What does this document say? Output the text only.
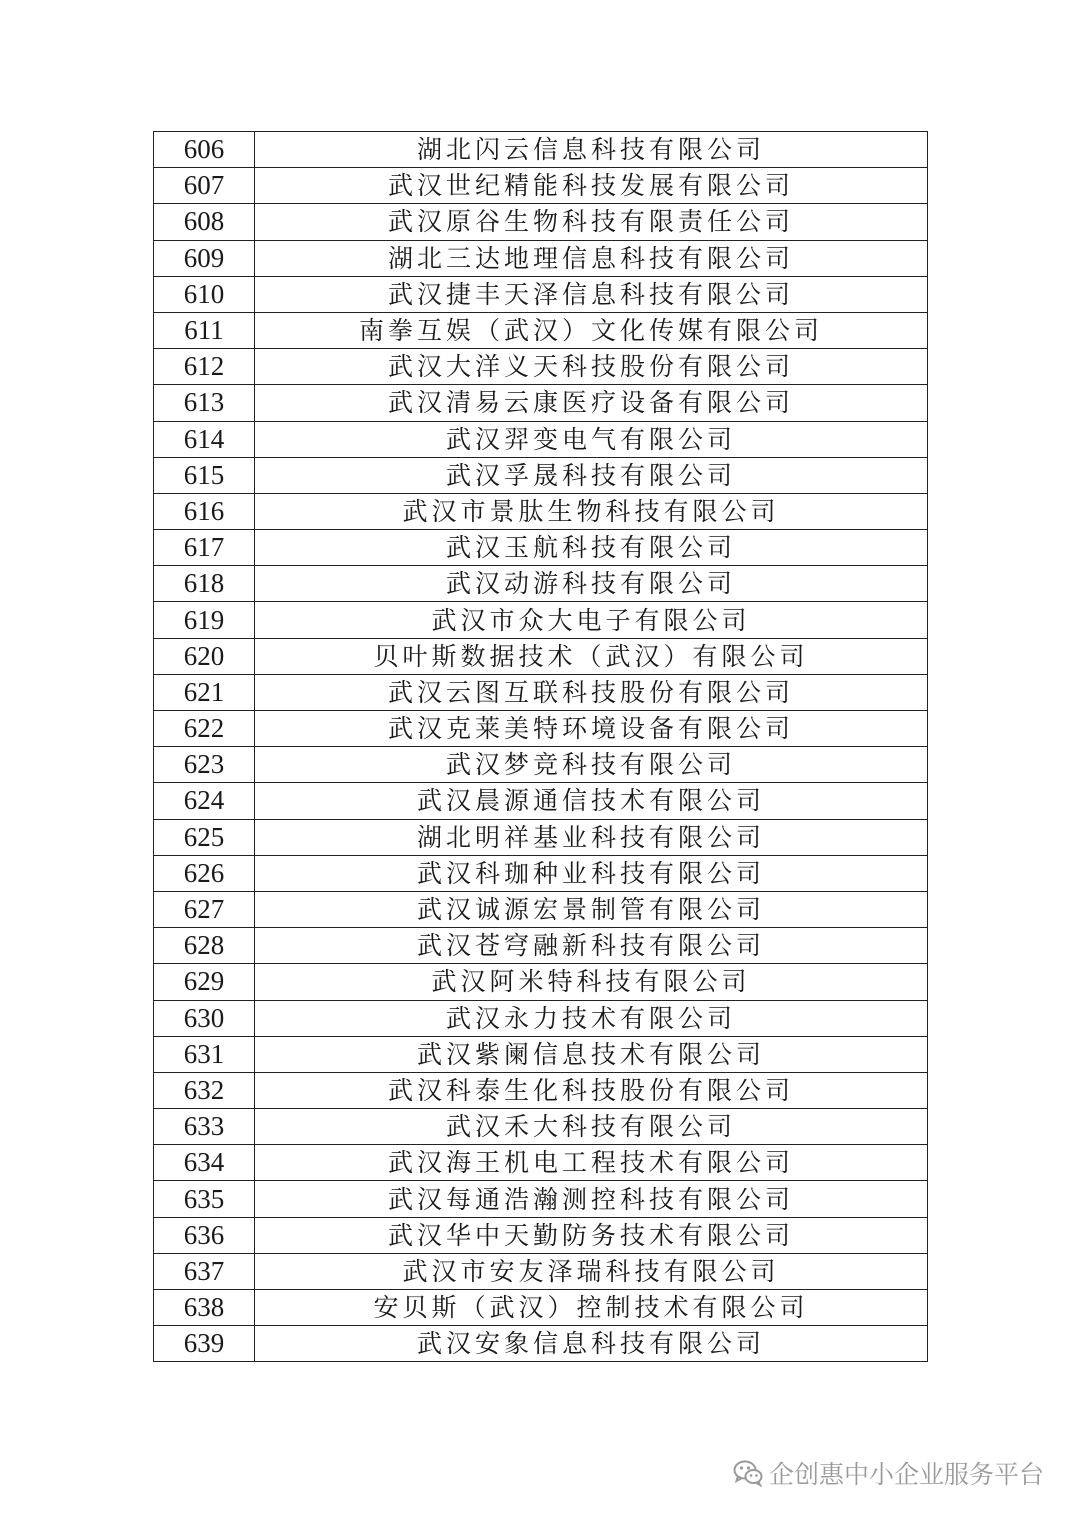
606	湖北闪云信息科技有限公司
607	武汉世纪精能科技发展有限公司
608	武汉原谷生物科技有限责任公司
609	湖北三达地理信息科技有限公司
610	武汉捷丰天泽信息科技有限公司
611	南拳互娱（武汉）文化传媒有限公司
612	武汉大洋义天科技股份有限公司
613	武汉清易云康医疗设备有限公司
614	武汉羿变电气有限公司
615	武汉孚晟科技有限公司
616	武汉市景肽生物科技有限公司
617	武汉玉航科技有限公司
618	武汉动游科技有限公司
619	武汉市众大电子有限公司
620	贝叶斯数据技术（武汉）有限公司
621	武汉云图互联科技股份有限公司
622	武汉克莱美特环境设备有限公司
623	武汉梦竞科技有限公司
624	武汉晨源通信技术有限公司
625	湖北明祥基业科技有限公司
626	武汉科珈种业科技有限公司
627	武汉诚源宏景制管有限公司
628	武汉苍穹融新科技有限公司
629	武汉阿米特科技有限公司
630	武汉永力技术有限公司
631	武汉紫阑信息技术有限公司
632	武汉科泰生化科技股份有限公司
633	武汉禾大科技有限公司
634	武汉海王机电工程技术有限公司
635	武汉每通浩瀚测控科技有限公司
636	武汉华中天勤防务技术有限公司
637	武汉市安友泽瑞科技有限公司
638	安贝斯（武汉）控制技术有限公司
639	武汉安象信息科技有限公司
企创惠中小企业服务平台
